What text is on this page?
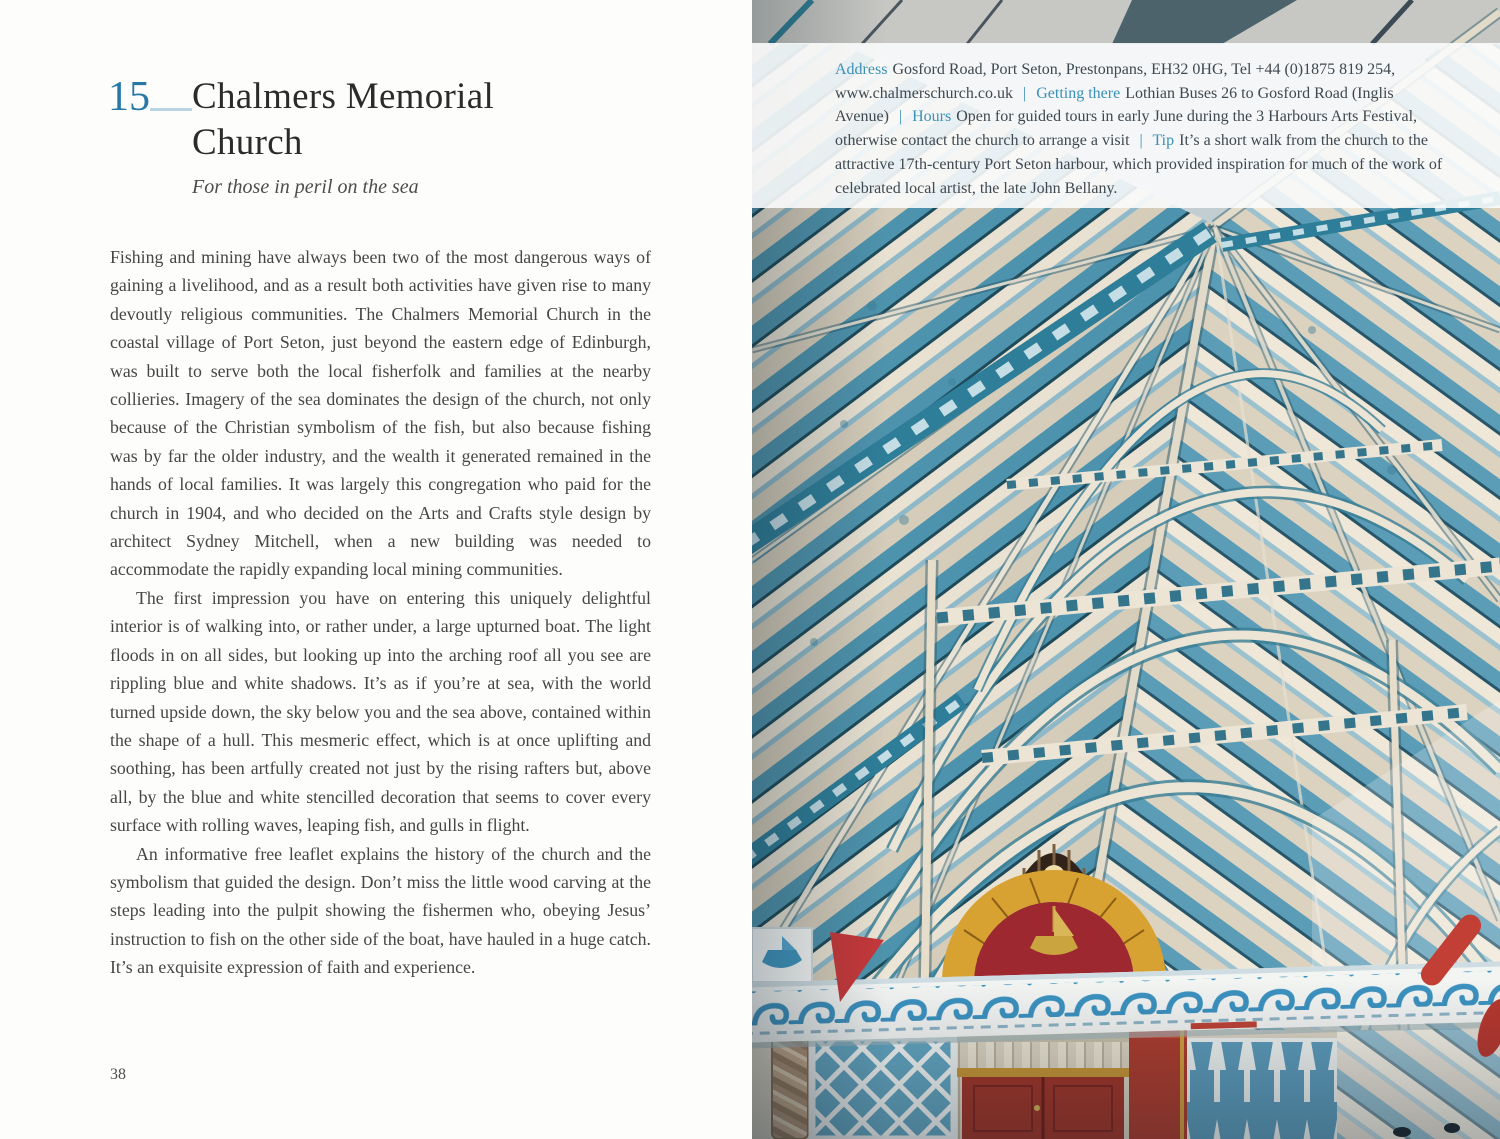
15 Chalmers Memorial
Church
For those in peril on the sea

Fishing and mining have always been two of the most dangerous ways of gaining a livelihood, and as a result both activities have given rise to many devoutly religious communities. The Chalmers Memorial Church in the coastal village of Port Seton, just beyond the eastern edge of Edinburgh, was built to serve both the local fisherfolk and families at the nearby collieries. Imagery of the sea dominates the design of the church, not only because of the Christian symbolism of the fish, but also because fishing was by far the older industry, and the wealth it generated remained in the hands of local families. It was largely this congregation who paid for the church in 1904, and who decided on the Arts and Crafts style design by architect Sydney Mitchell, when a new building was needed to accommodate the rapidly expanding local mining communities.

The first impression you have on entering this uniquely delightful interior is of walking into, or rather under, a large upturned boat. The light floods in on all sides, but looking up into the arching roof all you see are rippling blue and white shadows. It’s as if you’re at sea, with the world turned upside down, the sky below you and the sea above, contained within the shape of a hull. This mesmeric effect, which is at once uplifting and soothing, has been artfully created not just by the rising rafters but, above all, by the blue and white stencilled decoration that seems to cover every surface with rolling waves, leaping fish, and gulls in flight.

An informative free leaflet explains the history of the church and the symbolism that guided the design. Don’t miss the little wood carving at the steps leading into the pulpit showing the fishermen who, obeying Jesus’ instruction to fish on the other side of the boat, have hauled in a huge catch. It’s an exquisite expression of faith and experience.

38

Address Gosford Road, Port Seton, Prestonpans, EH32 0HG, Tel +44 (0)1875 819 254, www.chalmerschurch.co.uk | Getting there Lothian Buses 26 to Gosford Road (Inglis Avenue) | Hours Open for guided tours in early June during the 3 Harbours Arts Festival, otherwise contact the church to arrange a visit | Tip It’s a short walk from the church to the attractive 17th-century Port Seton harbour, which provided inspiration for much of the work of celebrated local artist, the late John Bellany.
